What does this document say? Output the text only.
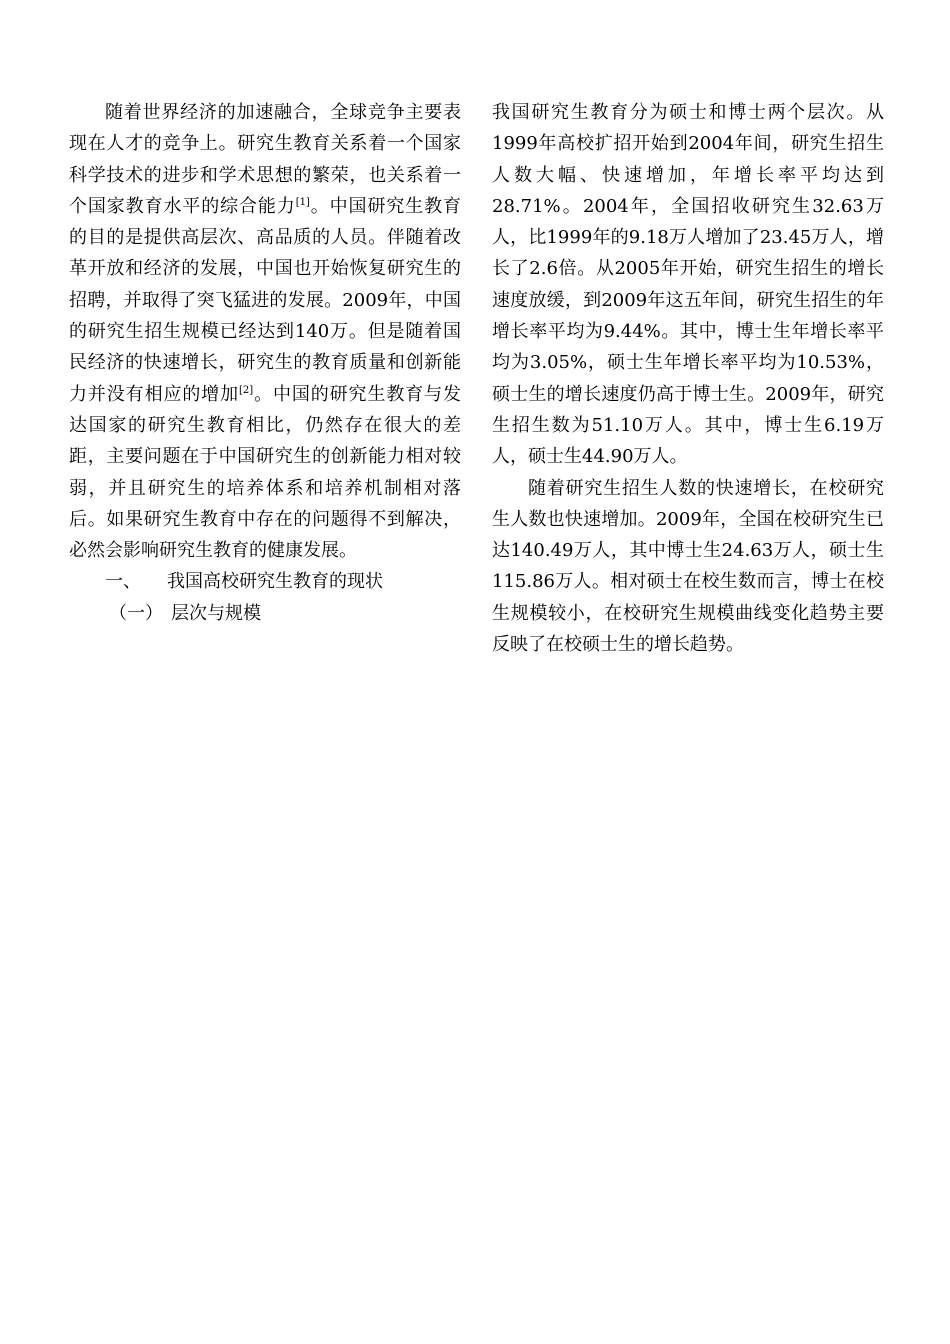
随着世界经济的加速融合，全球竞争主要表现在人才的竞争上。研究生教育关系着一个国家科学技术的进步和学术思想的繁荣，也关系着一个国家教育水平的综合能力[1]。中国研究生教育的目的是提供高层次、高品质的人员。伴随着改革开放和经济的发展，中国也开始恢复研究生的招聘，并取得了突飞猛进的发展。2009年，中国的研究生招生规模已经达到140万。但是随着国民经济的快速增长，研究生的教育质量和创新能力并没有相应的增加[2]。中国的研究生教育与发达国家的研究生教育相比，仍然存在很大的差距，主要问题在于中国研究生的创新能力相对较弱，并且研究生的培养体系和培养机制相对落后。如果研究生教育中存在的问题得不到解决，必然会影响研究生教育的健康发展。

一、 我国高校研究生教育的现状

（一） 层次与规模

我国研究生教育分为硕士和博士两个层次。从1999年高校扩招开始到2004年间，研究生招生人数大幅、快速增加，年增长率平均达到28.71%。2004年，全国招收研究生32.63万人，比1999年的9.18万人增加了23.45万人，增长了2.6倍。从2005年开始，研究生招生的增长速度放缓，到2009年这五年间，研究生招生的年增长率平均为9.44%。其中，博士生年增长率平均为3.05%，硕士生年增长率平均为10.53%，硕士生的增长速度仍高于博士生。2009年，研究生招生数为51.10万人。其中，博士生6.19万人，硕士生44.90万人。

随着研究生招生人数的快速增长，在校研究生人数也快速增加。2009年，全国在校研究生已达140.49万人，其中博士生24.63万人，硕士生115.86万人。相对硕士在校生数而言，博士在校生规模较小，在校研究生规模曲线变化趋势主要反映了在校硕士生的增长趋势。
